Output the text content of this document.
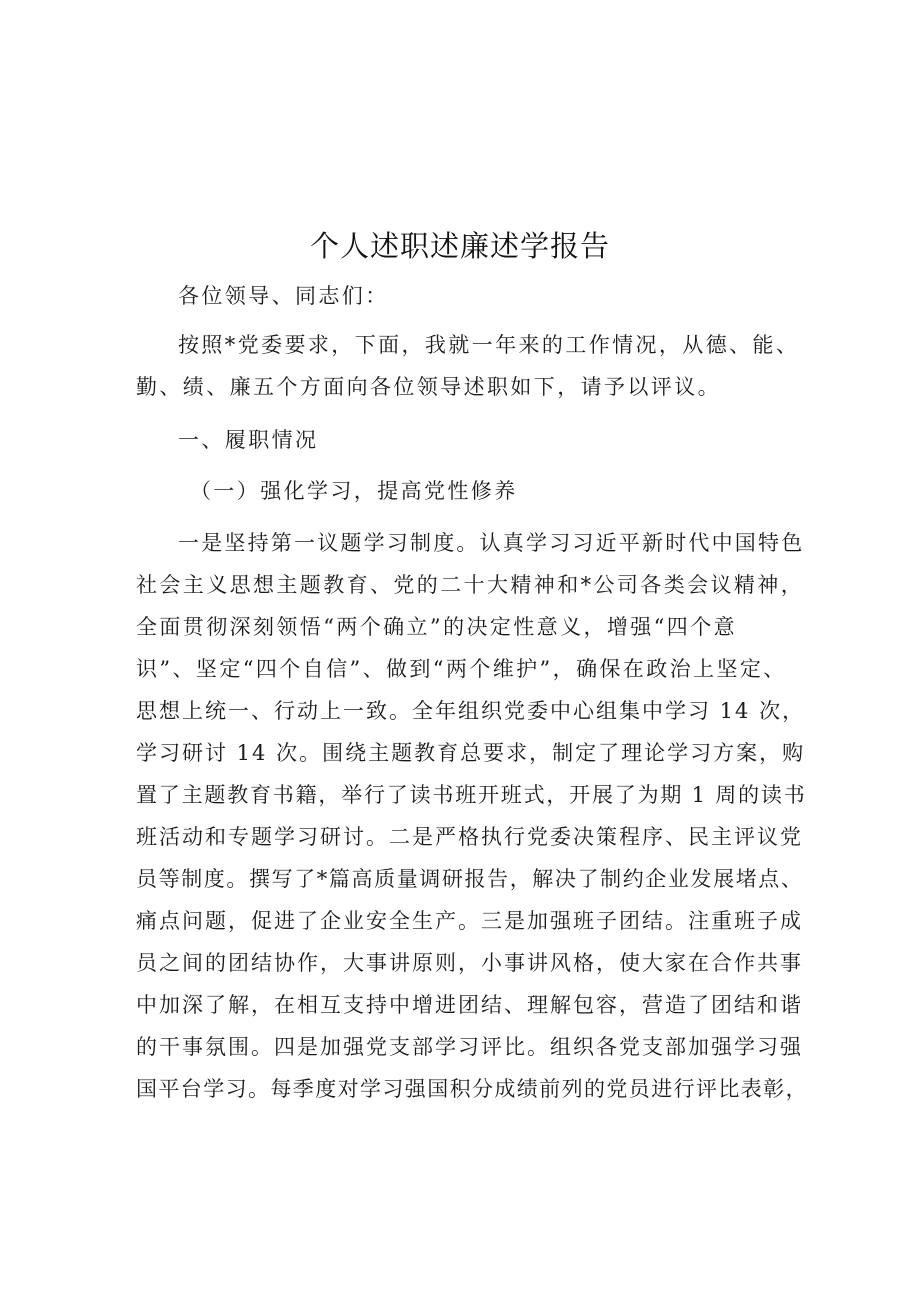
个人述职述廉述学报告
各位领导、同志们：
按照*党委要求，下面，我就一年来的工作情况，从德、能、
勤、绩、廉五个方面向各位领导述职如下，请予以评议。
一、履职情况
（一）强化学习，提高党性修养
一是坚持第一议题学习制度。认真学习习近平新时代中国特色
社会主义思想主题教育、党的二十大精神和*公司各类会议精神，
全面贯彻深刻领悟“两个确立”的决定性意义，增强“四个意
识”、坚定“四个自信”、做到“两个维护”，确保在政治上坚定、
思想上统一、行动上一致。全年组织党委中心组集中学习 14 次，
学习研讨 14 次。围绕主题教育总要求，制定了理论学习方案，购
置了主题教育书籍，举行了读书班开班式，开展了为期 1 周的读书
班活动和专题学习研讨。二是严格执行党委决策程序、民主评议党
员等制度。撰写了*篇高质量调研报告，解决了制约企业发展堵点、
痛点问题，促进了企业安全生产。三是加强班子团结。注重班子成
员之间的团结协作，大事讲原则，小事讲风格，使大家在合作共事
中加深了解，在相互支持中增进团结、理解包容，营造了团结和谐
的干事氛围。四是加强党支部学习评比。组织各党支部加强学习强
国平台学习。每季度对学习强国积分成绩前列的党员进行评比表彰，
